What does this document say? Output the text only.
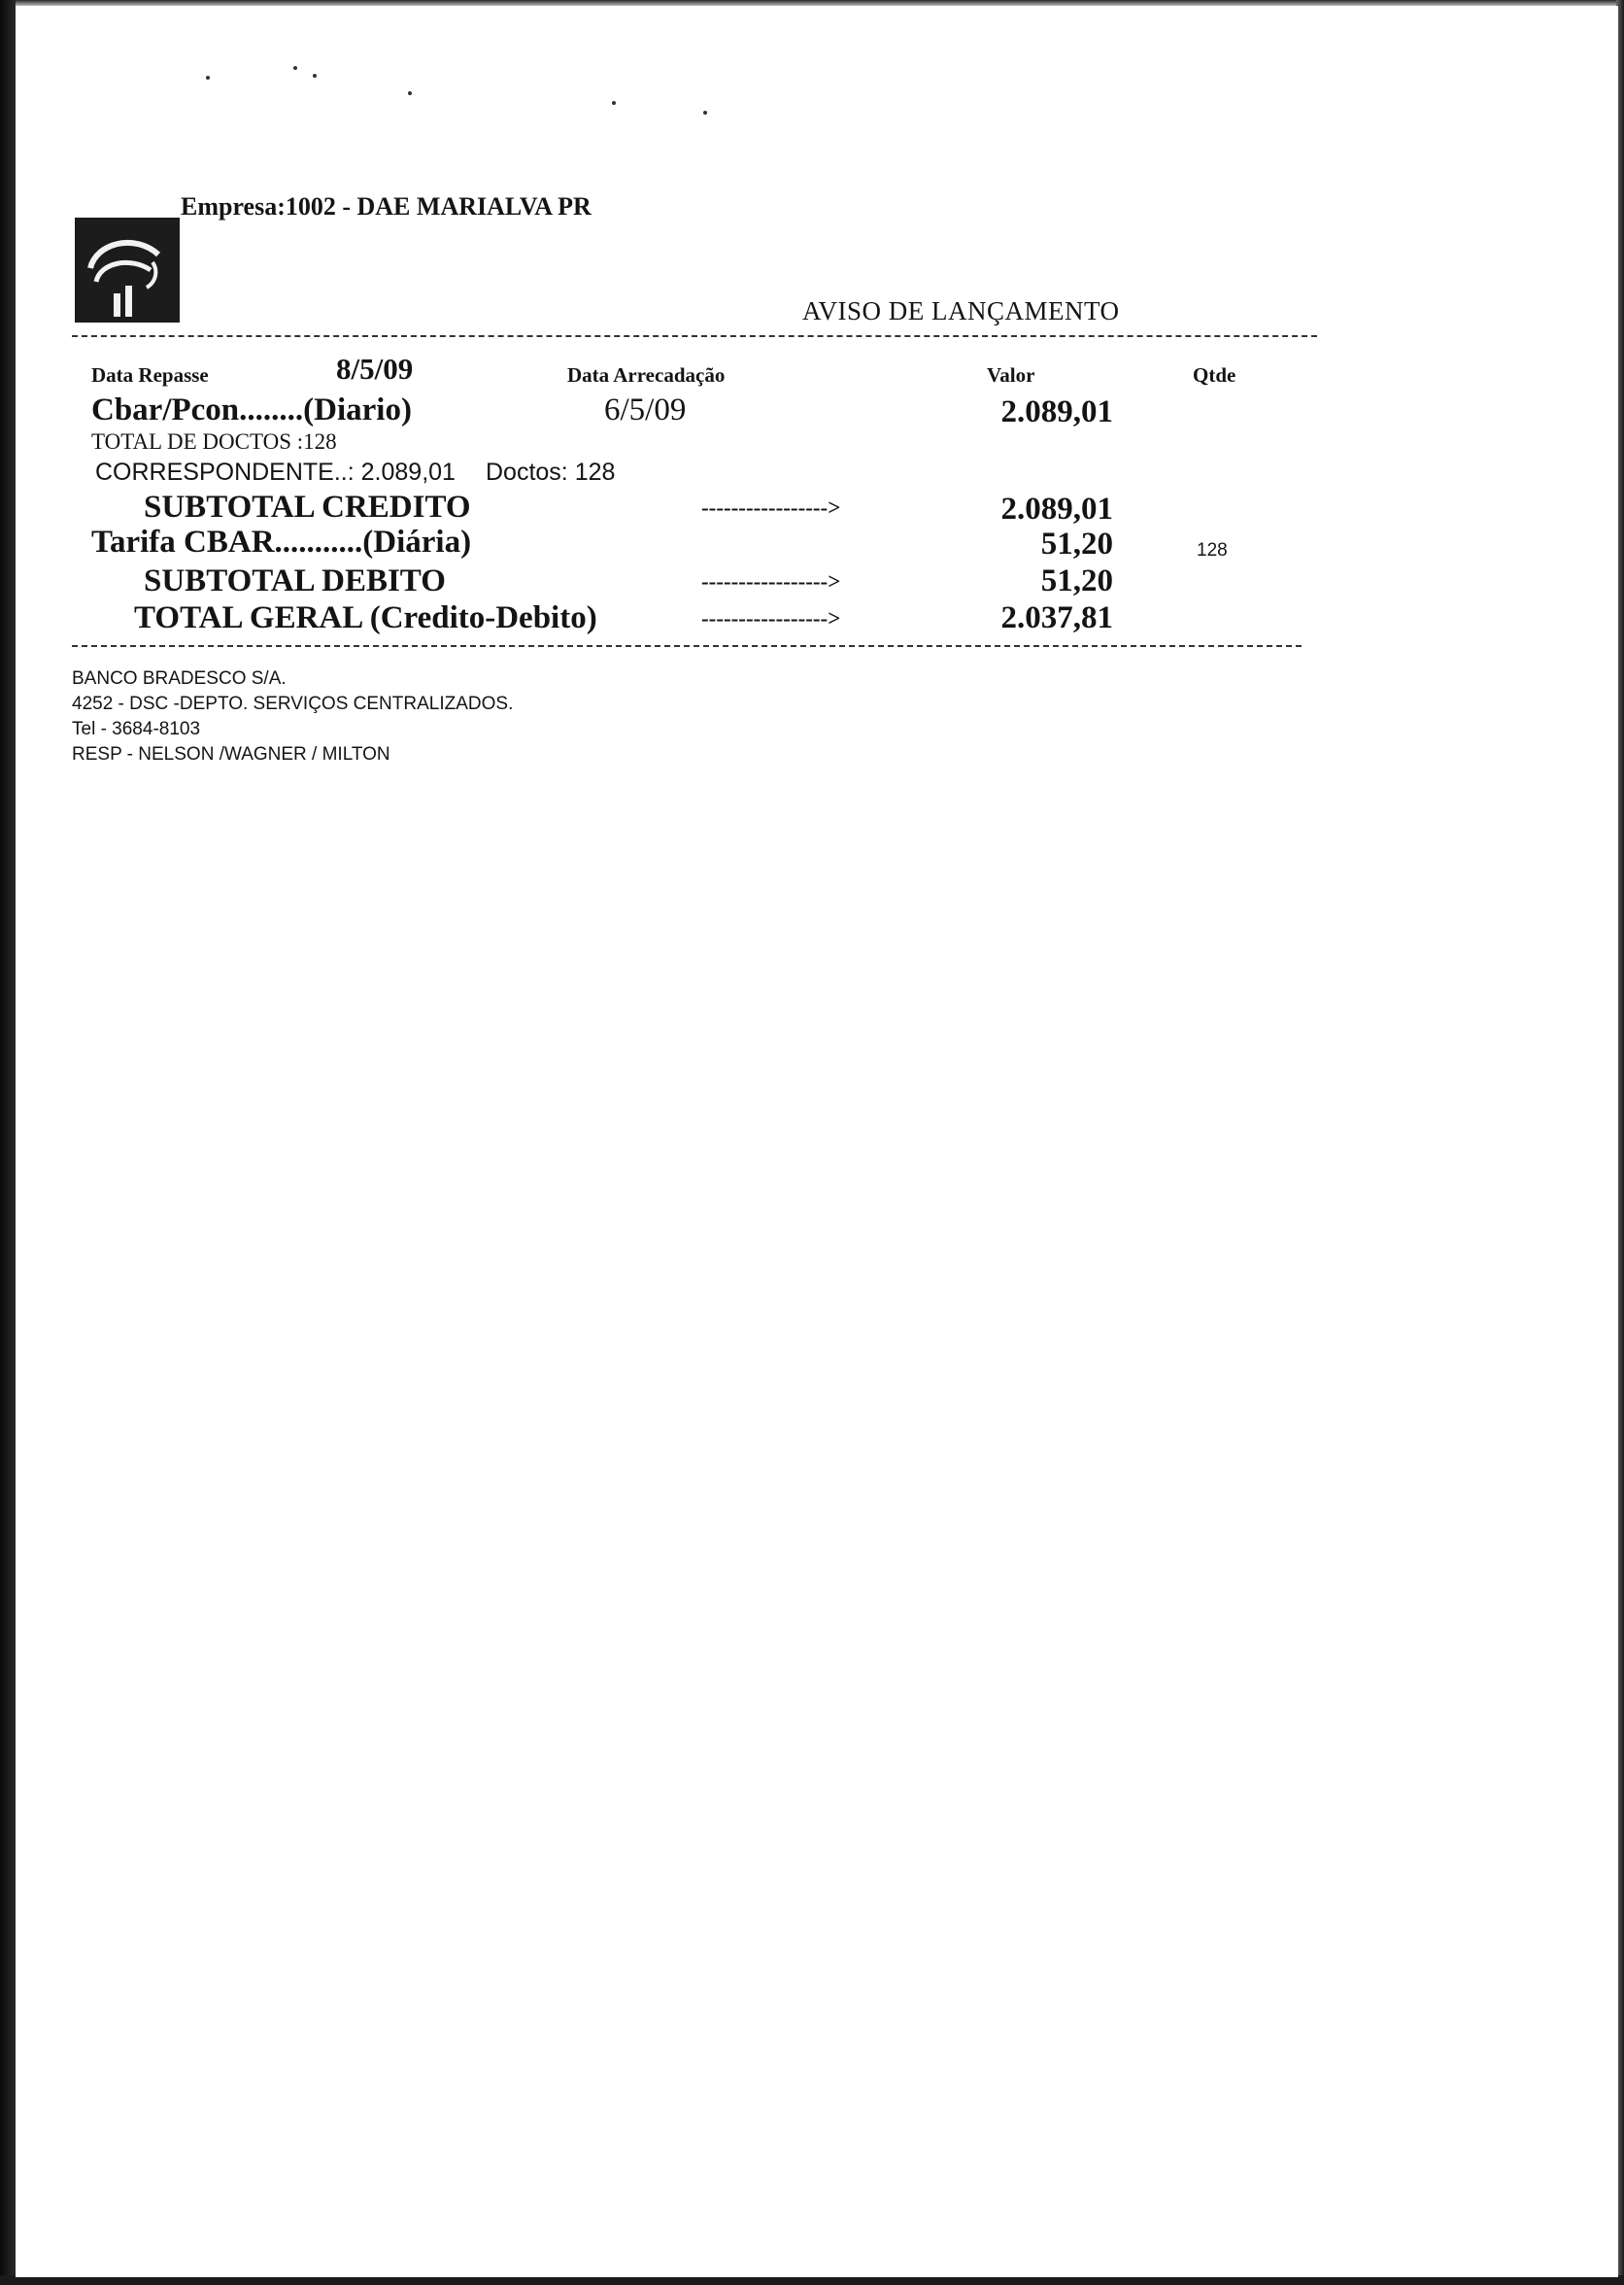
Empresa:1002 - DAE MARIALVA PR
AVISO DE LANÇAMENTO
Data Repasse	8/5/09	Data Arrecadação	Valor	Qtde
Cbar/Pcon........(Diario)	6/5/09	2.089,01
TOTAL DE DOCTOS :128
CORRESPONDENTE..: 2.089,01 Doctos: 128
SUBTOTAL CREDITO	----------------->	2.089,01
Tarifa CBAR...........(Diária)	51,20	128
SUBTOTAL DEBITO	----------------->	51,20
TOTAL GERAL (Credito-Debito)	----------------->	2.037,81
BANCO BRADESCO S/A.
4252 - DSC -DEPTO. SERVIÇOS CENTRALIZADOS.
Tel - 3684-8103
RESP - NELSON /WAGNER / MILTON
